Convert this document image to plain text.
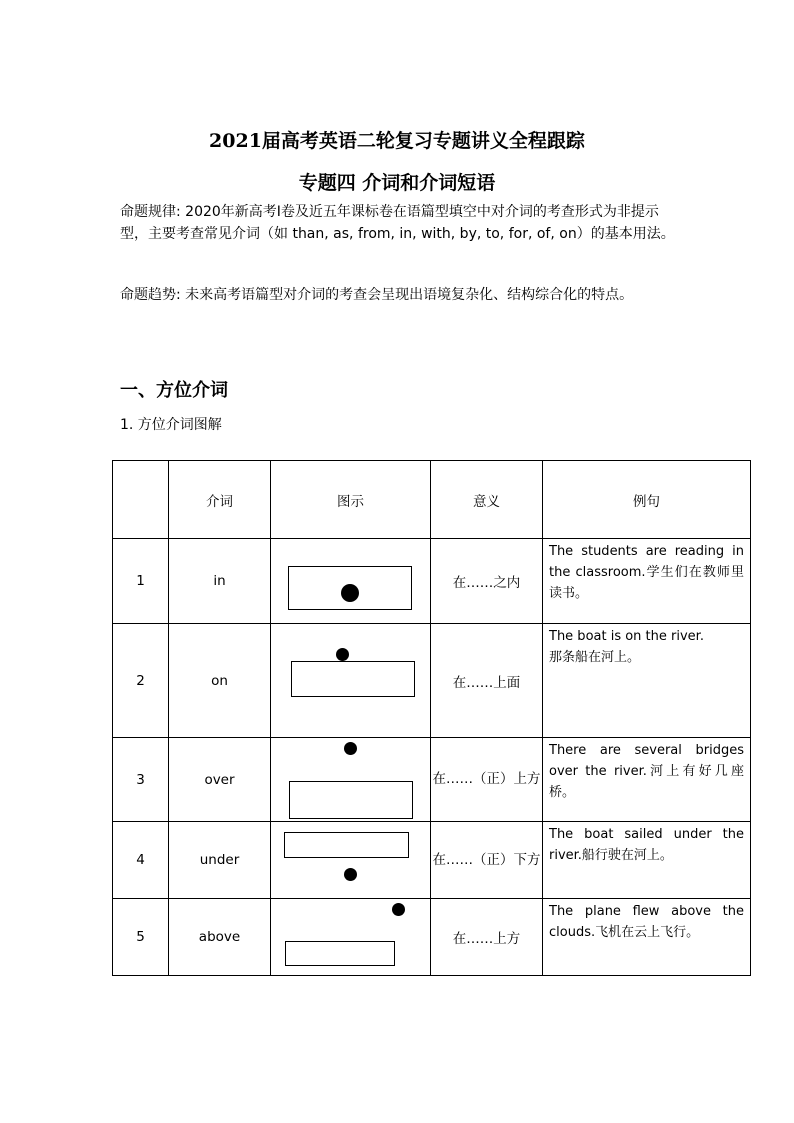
2021届高考英语二轮复习专题讲义全程跟踪
专题四 介词和介词短语
命题规律: 2020年新高考I卷及近五年课标卷在语篇型填空中对介词的考查形式为非提示型，主要考查常见介词（如 than, as, from, in, with, by, to, for, of, on）的基本用法。
命题趋势: 未来高考语篇型对介词的考查会呈现出语境复杂化、结构综合化的特点。
一、方位介词
1. 方位介词图解
	介词	图示	意义	例句
1	in		在……之内	The students are reading in the classroom.学生们在教师里读书。
2	on		在……上面	The boat is on the river.
那条船在河上。
3	over		在……（正）上方	There are several bridges over the river.河上有好几座桥。
4	under		在……（正）下方	The boat sailed under the river.船行驶在河上。
5	above		在……上方	The plane flew above the clouds.飞机在云上飞行。
